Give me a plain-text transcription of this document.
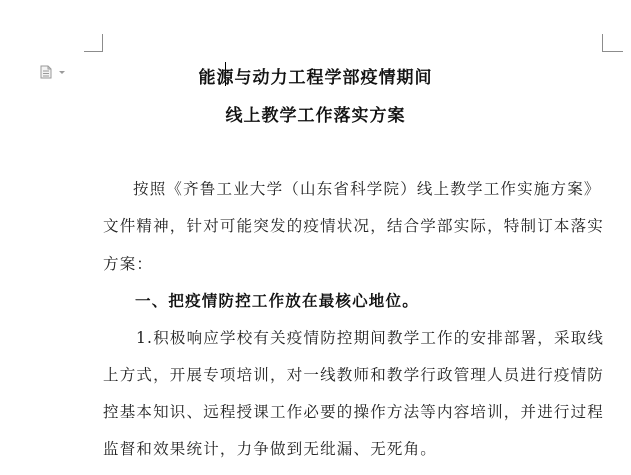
能源与动力工程学部疫情期间
线上教学工作落实方案
按照《齐鲁工业大学（山东省科学院）线上教学工作实施方案》
文件精神，针对可能突发的疫情状况，结合学部实际，特制订本落实
方案：
一、把疫情防控工作放在最核心地位。
1.积极响应学校有关疫情防控期间教学工作的安排部署，采取线
上方式，开展专项培训，对一线教师和教学行政管理人员进行疫情防
控基本知识、远程授课工作必要的操作方法等内容培训，并进行过程
监督和效果统计，力争做到无纰漏、无死角。
